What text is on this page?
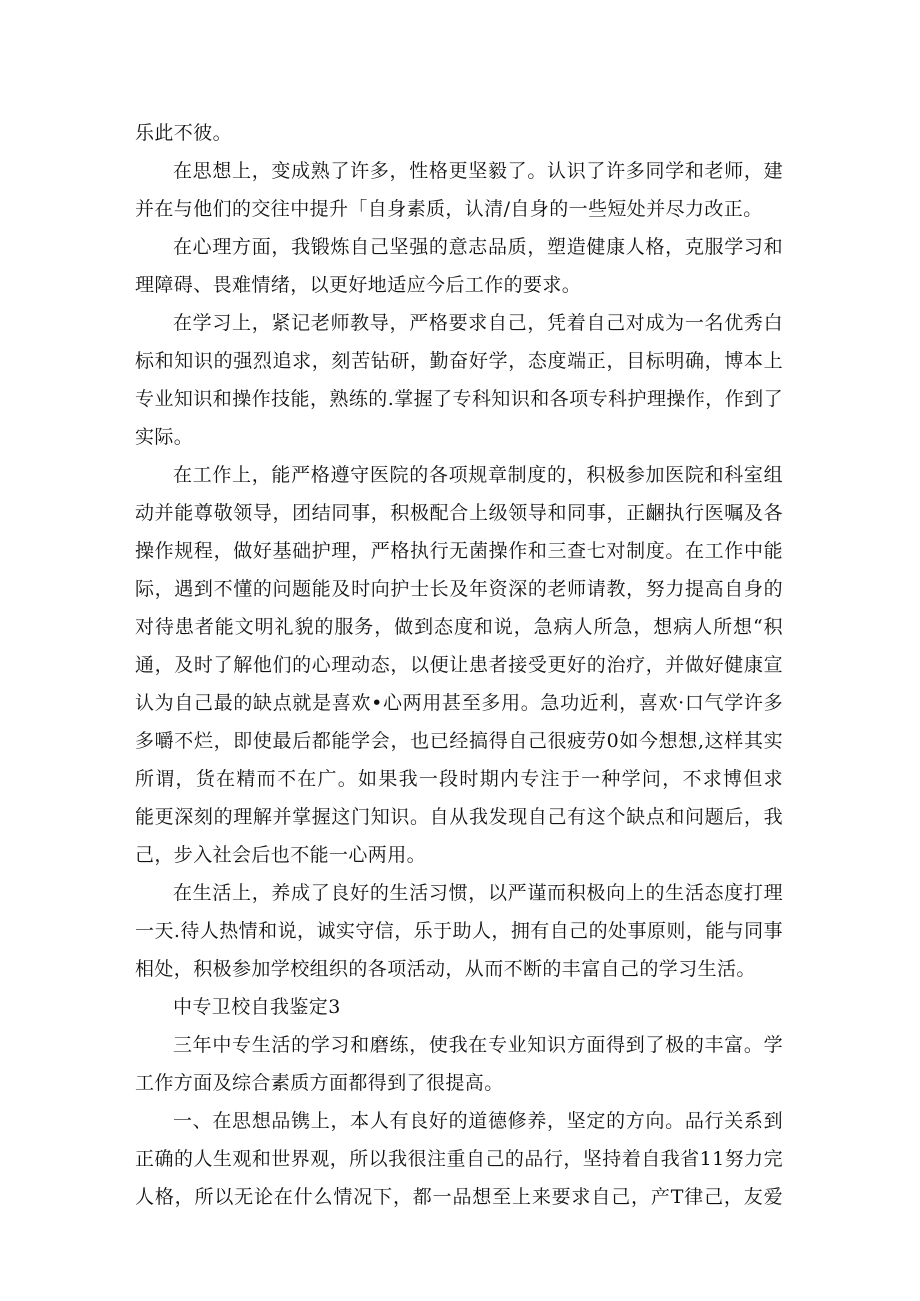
乐此不彼。
在思想上，变成熟了许多，性格更坚毅了。认识了许多同学和老师，建
并在与他们的交往中提升「自身素质，认清/自身的一些短处并尽力改正。
在心理方面，我锻炼自己坚强的意志品质，塑造健康人格，克服学习和
理障碍、畏难情绪，以更好地适应今后工作的要求。
在学习上，紧记老师教导，严格要求自己，凭着自己对成为一名优秀白
标和知识的强烈追求，刻苦钻研，勤奋好学，态度端正，目标明确，博本上
专业知识和操作技能，熟练的.掌握了专科知识和各项专科护理操作，作到了
实际。
在工作上，能严格遵守医院的各项规章制度的，积极参加医院和科室组
动并能尊敬领导，团结同事，积极配合上级领导和同事，正齫执行医嘱及各
操作规程，做好基础护理，严格执行无菌操作和三查七对制度。在工作中能
际，遇到不懂的问题能及时向护士长及年资深的老师请教，努力提高自身的
对待患者能文明礼貌的服务，做到态度和说，急病人所急，想病人所想“积
通，及时了解他们的心理动态，以便让患者接受更好的治疗，并做好健康宣
认为自己最的缺点就是喜欢•心两用甚至多用。急功近利，喜欢·口气学许多
多嚼不烂，即使最后都能学会，也已经搞得自己很疲劳0如今想想,这样其实
所谓，货在精而不在广。如果我一段时期内专注于一种学问，不求博但求
能更深刻的理解并掌握这门知识。自从我发现自己有这个缺点和问题后，我
己，步入社会后也不能一心两用。
在生活上，养成了良好的生活习惯，以严谨而积极向上的生活态度打理
一天.待人热情和说，诚实守信，乐于助人，拥有自己的处事原则，能与同事
相处，积极参加学校组织的各项活动，从而不断的丰富自己的学习生活。
中专卫校自我鉴定3
三年中专生活的学习和磨练，使我在专业知识方面得到了极的丰富。学
工作方面及综合素质方面都得到了很提高。
一、在思想品镌上，本人有良好的道德修养，坚定的方向。品行关系到
正确的人生观和世界观，所以我很注重自己的品行，坚持着自我省11努力完
人格，所以无论在什么情况下，都一品想至上来要求自己，产T律己，友爱
